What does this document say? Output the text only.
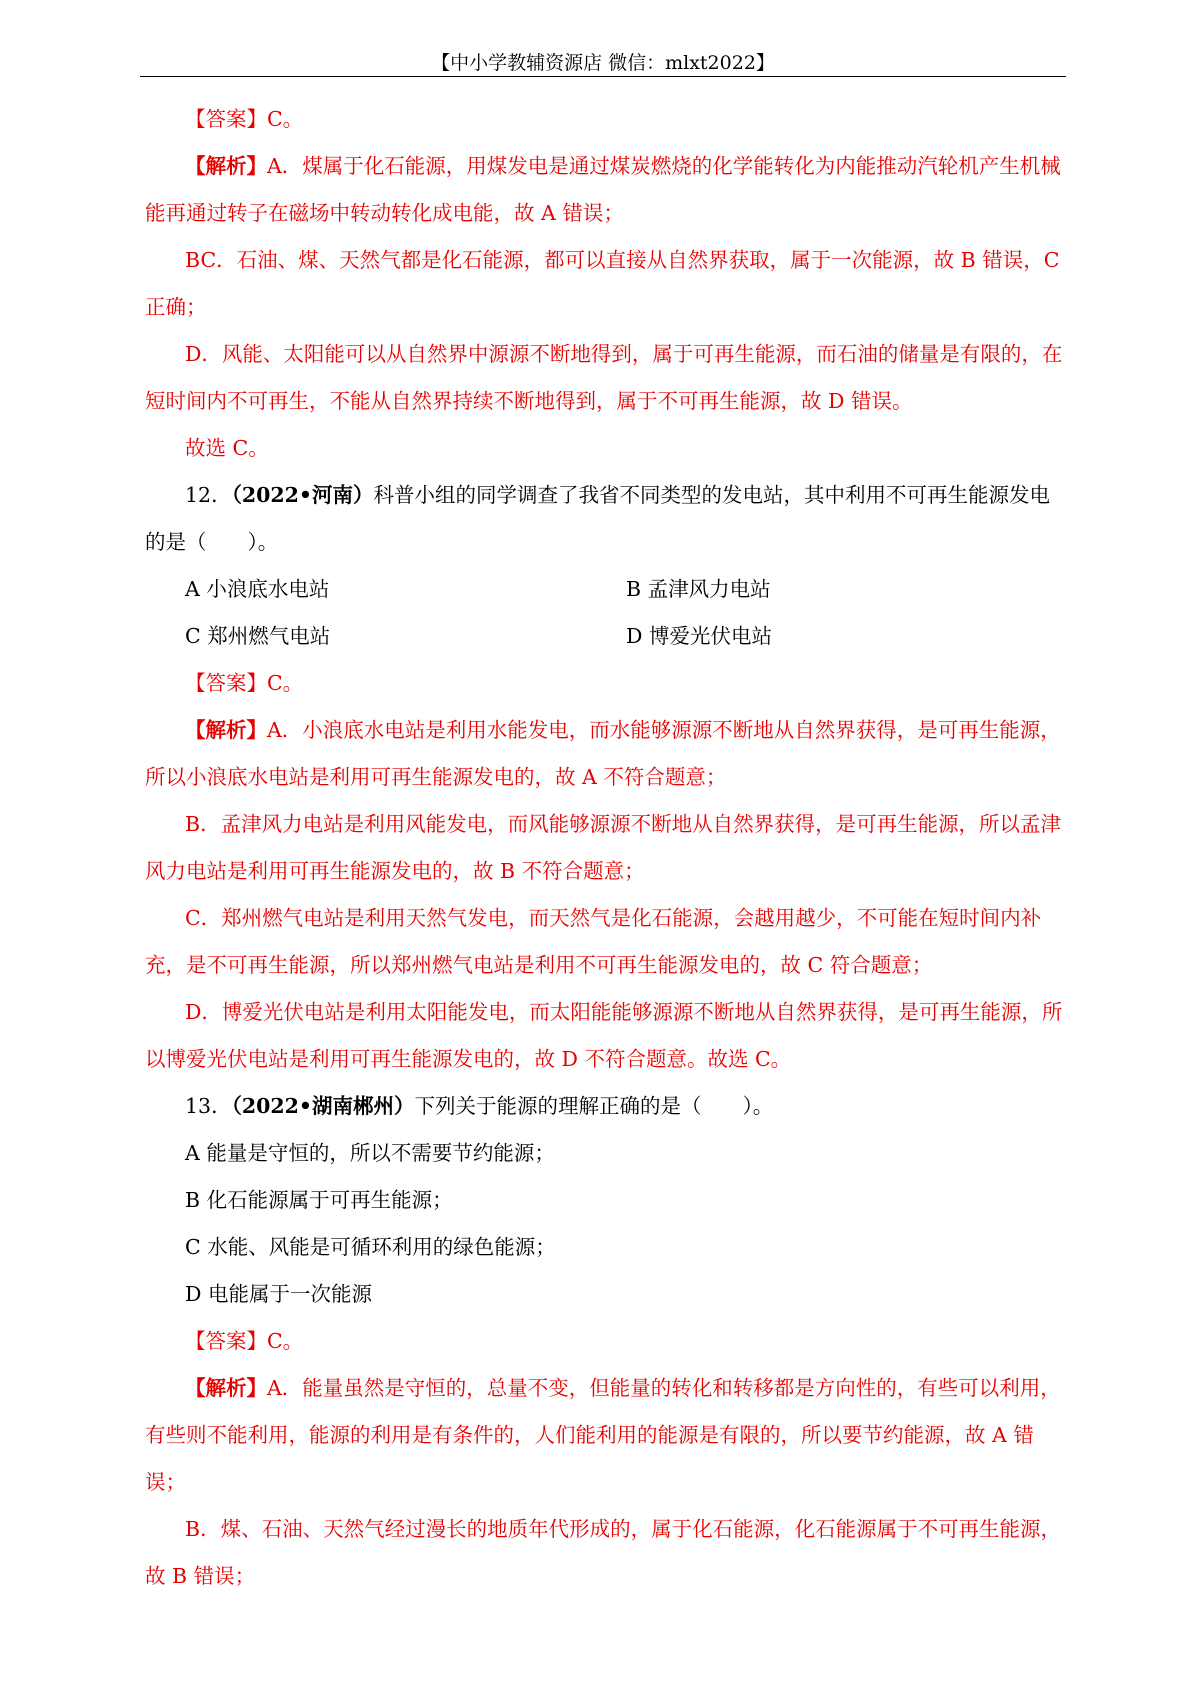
【中小学教辅资源店 微信：mlxt2022】

【答案】C。

【解析】A．煤属于化石能源，用煤发电是通过煤炭燃烧的化学能转化为内能推动汽轮机产生机械能再通过转子在磁场中转动转化成电能，故 A 错误；

BC．石油、煤、天然气都是化石能源，都可以直接从自然界获取，属于一次能源，故 B 错误，C 正确；

D．风能、太阳能可以从自然界中源源不断地得到，属于可再生能源，而石油的储量是有限的，在短时间内不可再生，不能从自然界持续不断地得到，属于不可再生能源，故 D 错误。

故选 C。

12．（2022•河南）科普小组的同学调查了我省不同类型的发电站，其中利用不可再生能源发电的是（　　）。

A 小浪底水电站	B 孟津风力电站
C 郑州燃气电站	D 博爱光伏电站

【答案】C。

【解析】A．小浪底水电站是利用水能发电，而水能够源源不断地从自然界获得，是可再生能源，所以小浪底水电站是利用可再生能源发电的，故 A 不符合题意；

B．孟津风力电站是利用风能发电，而风能够源源不断地从自然界获得，是可再生能源，所以孟津风力电站是利用可再生能源发电的，故 B 不符合题意；

C．郑州燃气电站是利用天然气发电，而天然气是化石能源，会越用越少，不可能在短时间内补充，是不可再生能源，所以郑州燃气电站是利用不可再生能源发电的，故 C 符合题意；

D．博爱光伏电站是利用太阳能发电，而太阳能能够源源不断地从自然界获得，是可再生能源，所以博爱光伏电站是利用可再生能源发电的，故 D 不符合题意。故选 C。

13．（2022•湖南郴州）下列关于能源的理解正确的是（　　）。

A 能量是守恒的，所以不需要节约能源；

B 化石能源属于可再生能源；

C 水能、风能是可循环利用的绿色能源；

D 电能属于一次能源

【答案】C。

【解析】A．能量虽然是守恒的，总量不变，但能量的转化和转移都是方向性的，有些可以利用，有些则不能利用，能源的利用是有条件的，人们能利用的能源是有限的，所以要节约能源，故 A 错误；

B．煤、石油、天然气经过漫长的地质年代形成的，属于化石能源，化石能源属于不可再生能源，故 B 错误；
